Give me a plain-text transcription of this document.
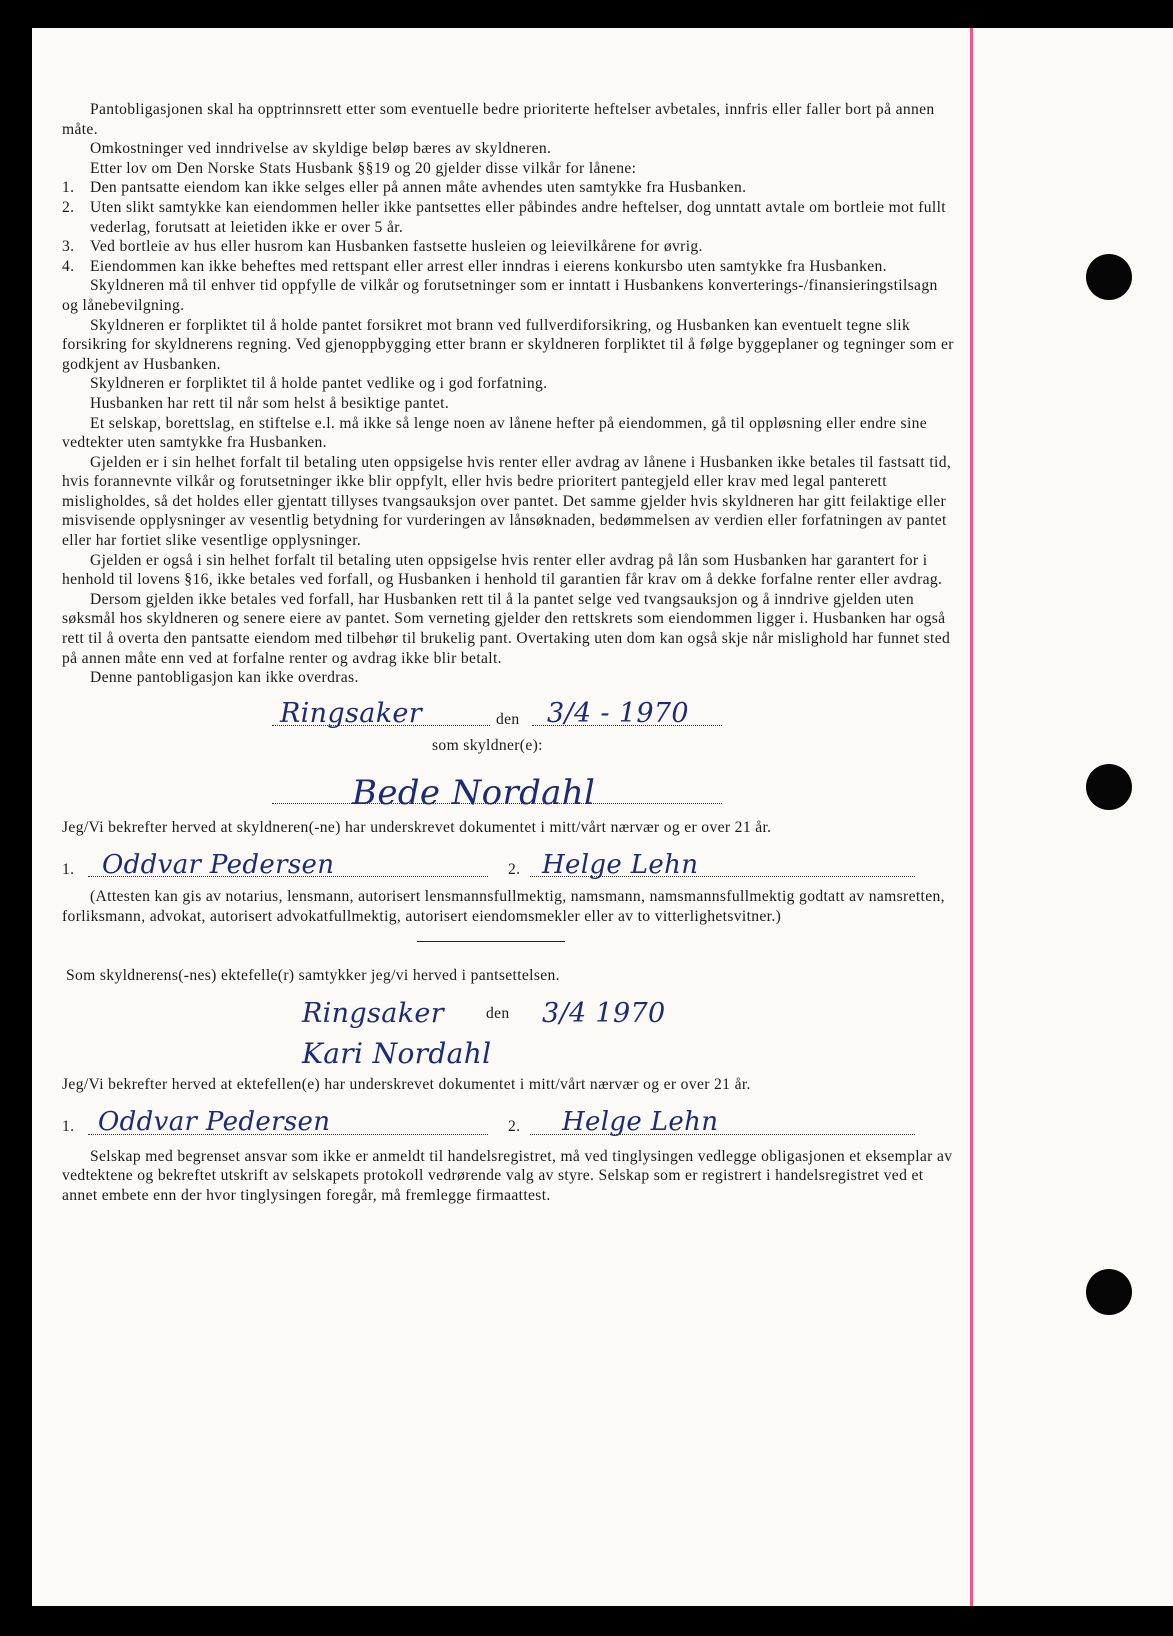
Pantobligasjonen skal ha opptrinnsrett etter som eventuelle bedre prioriterte heftelser avbetales, innfris eller faller bort på annen måte.

Omkostninger ved inndrivelse av skyldige beløp bæres av skyldneren.

Etter lov om Den Norske Stats Husbank §§19 og 20 gjelder disse vilkår for lånene:

1. Den pantsatte eiendom kan ikke selges eller på annen måte avhendes uten samtykke fra Husbanken.
2. Uten slikt samtykke kan eiendommen heller ikke pantsettes eller påbindes andre heftelser, dog unntatt avtale om bortleie mot fullt vederlag, forutsatt at leietiden ikke er over 5 år.
3. Ved bortleie av hus eller husrom kan Husbanken fastsette husleien og leievilkårene for øvrig.
4. Eiendommen kan ikke beheftes med rettspant eller arrest eller inndras i eierens konkursbo uten samtykke fra Husbanken.

Skyldneren må til enhver tid oppfylle de vilkår og forutsetninger som er inntatt i Husbankens konverterings-/finansieringstilsagn og lånebevilgning.

Skyldneren er forpliktet til å holde pantet forsikret mot brann ved fullverdiforsikring, og Husbanken kan eventuelt tegne slik forsikring for skyldnerens regning. Ved gjenoppbygging etter brann er skyldneren forpliktet til å følge byggeplaner og tegninger som er godkjent av Husbanken.

Skyldneren er forpliktet til å holde pantet vedlike og i god forfatning.

Husbanken har rett til når som helst å besiktige pantet.

Et selskap, borettslag, en stiftelse e.l. må ikke så lenge noen av lånene hefter på eiendommen, gå til oppløsning eller endre sine vedtekter uten samtykke fra Husbanken.

Gjelden er i sin helhet forfalt til betaling uten oppsigelse hvis renter eller avdrag av lånene i Husbanken ikke betales til fastsatt tid, hvis forannevnte vilkår og forutsetninger ikke blir oppfylt, eller hvis bedre prioritert pantegjeld eller krav med legal panterett misligholdes, så det holdes eller gjentatt tillyses tvangsauksjon over pantet. Det samme gjelder hvis skyldneren har gitt feilaktige eller misvisende opplysninger av vesentlig betydning for vurderingen av lånsøknaden, bedømmelsen av verdien eller forfatningen av pantet eller har fortiet slike vesentlige opplysninger.

Gjelden er også i sin helhet forfalt til betaling uten oppsigelse hvis renter eller avdrag på lån som Husbanken har garantert for i henhold til lovens §16, ikke betales ved forfall, og Husbanken i henhold til garantien får krav om å dekke forfalne renter eller avdrag.

Dersom gjelden ikke betales ved forfall, har Husbanken rett til å la pantet selge ved tvangsauksjon og å inndrive gjelden uten søksmål hos skyldneren og senere eiere av pantet. Som verneting gjelder den rettskrets som eiendommen ligger i. Husbanken har også rett til å overta den pantsatte eiendom med tilbehør til brukelig pant. Overtaking uten dom kan også skje når mislighold har funnet sted på annen måte enn ved at forfalne renter og avdrag ikke blir betalt.

Denne pantobligasjon kan ikke overdras.

Ringsaker	den 3/4 - 1970
som skyldner(e):
Bede Nordahl

Jeg/Vi bekrefter herved at skyldneren(-ne) har underskrevet dokumentet i mitt/vårt nærvær og er over 21 år.

1. Oddvar Pedersen	2. Helge Lehn

(Attesten kan gis av notarius, lensmann, autorisert lensmannsfullmektig, namsmann, namsmannsfullmektig godtatt av namsretten, forliksmann, advokat, autorisert advokatfullmektig, autorisert eiendomsmekler eller av to vitterlighetsvitner.)

Som skyldnerens(-nes) ektefelle(r) samtykker jeg/vi herved i pantsettelsen.

Ringsaker	den 3/4 1970
Kari Nordahl

Jeg/Vi bekrefter herved at ektefellen(e) har underskrevet dokumentet i mitt/vårt nærvær og er over 21 år.

1. Oddvar Pedersen	2. Helge Lehn

Selskap med begrenset ansvar som ikke er anmeldt til handelsregistret, må ved tinglysingen vedlegge obligasjonen et eksemplar av vedtektene og bekreftet utskrift av selskapets protokoll vedrørende valg av styre. Selskap som er registrert i handelsregistret ved et annet embete enn der hvor tinglysingen foregår, må fremlegge firmaattest.
